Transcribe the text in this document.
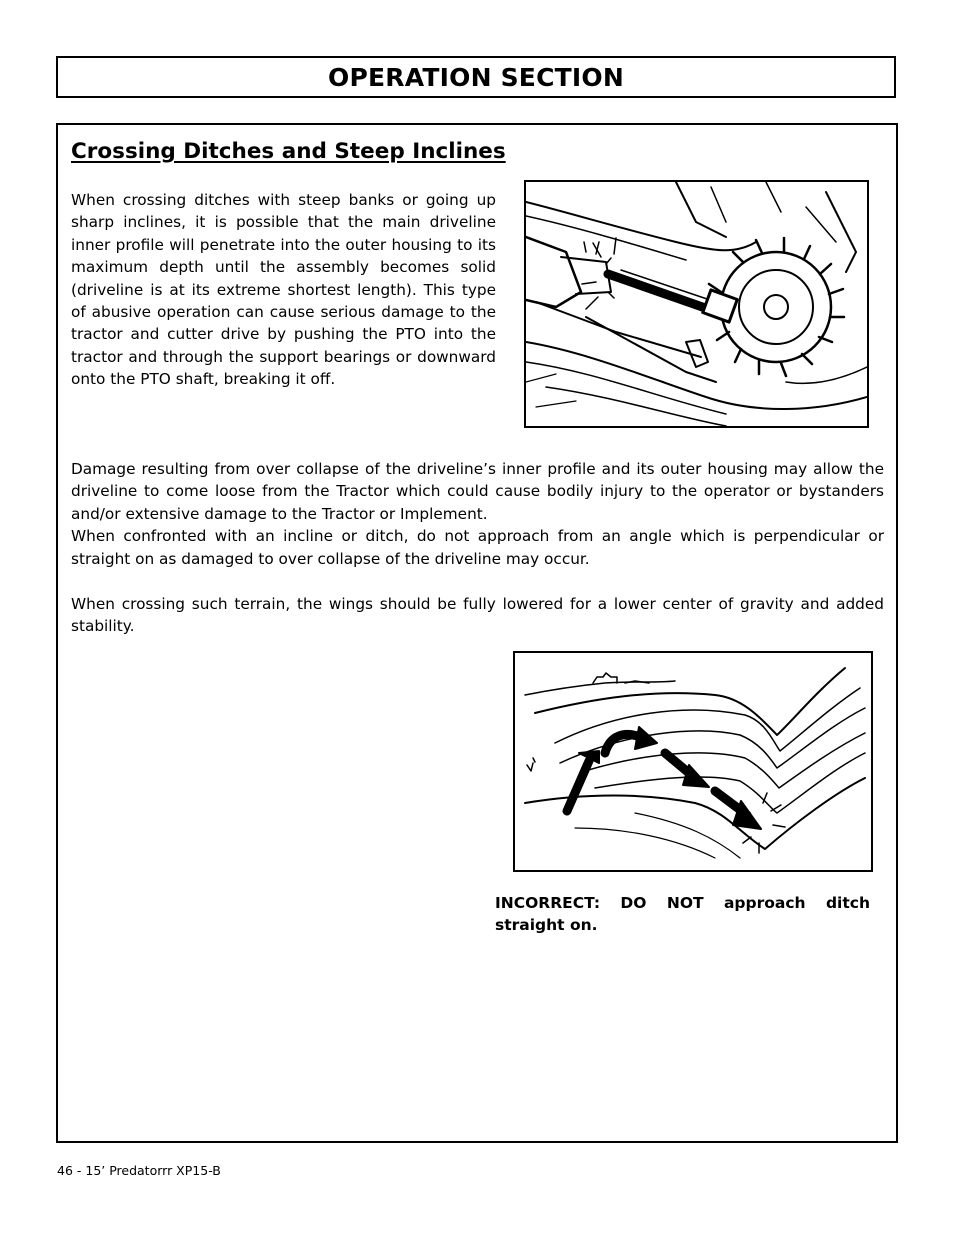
OPERATION SECTION
Crossing Ditches and Steep Inclines

When crossing ditches with steep banks or going up sharp inclines, it is possible that the main driveline inner profile will penetrate into the outer housing to its maximum depth until the assembly becomes solid (driveline is at its extreme shortest length). This type of abusive operation can cause serious damage to the tractor and cutter drive by pushing the PTO into the tractor and through the support bearings or downward onto the PTO shaft, breaking it off.

Damage resulting from over collapse of the driveline’s inner profile and its outer housing may allow the driveline to come loose from the Tractor which could cause bodily injury to the operator or bystanders and/or extensive damage to the Tractor or Implement.
When confronted with an incline or ditch, do not approach from an angle which is perpendicular or straight on as damaged to over collapse of the driveline may occur.

When crossing such terrain, the wings should be fully lowered for a lower center of gravity and added stability.

INCORRECT: DO NOT approach ditch
straight on.

46 - 15’ Predatorrr XP15-B
